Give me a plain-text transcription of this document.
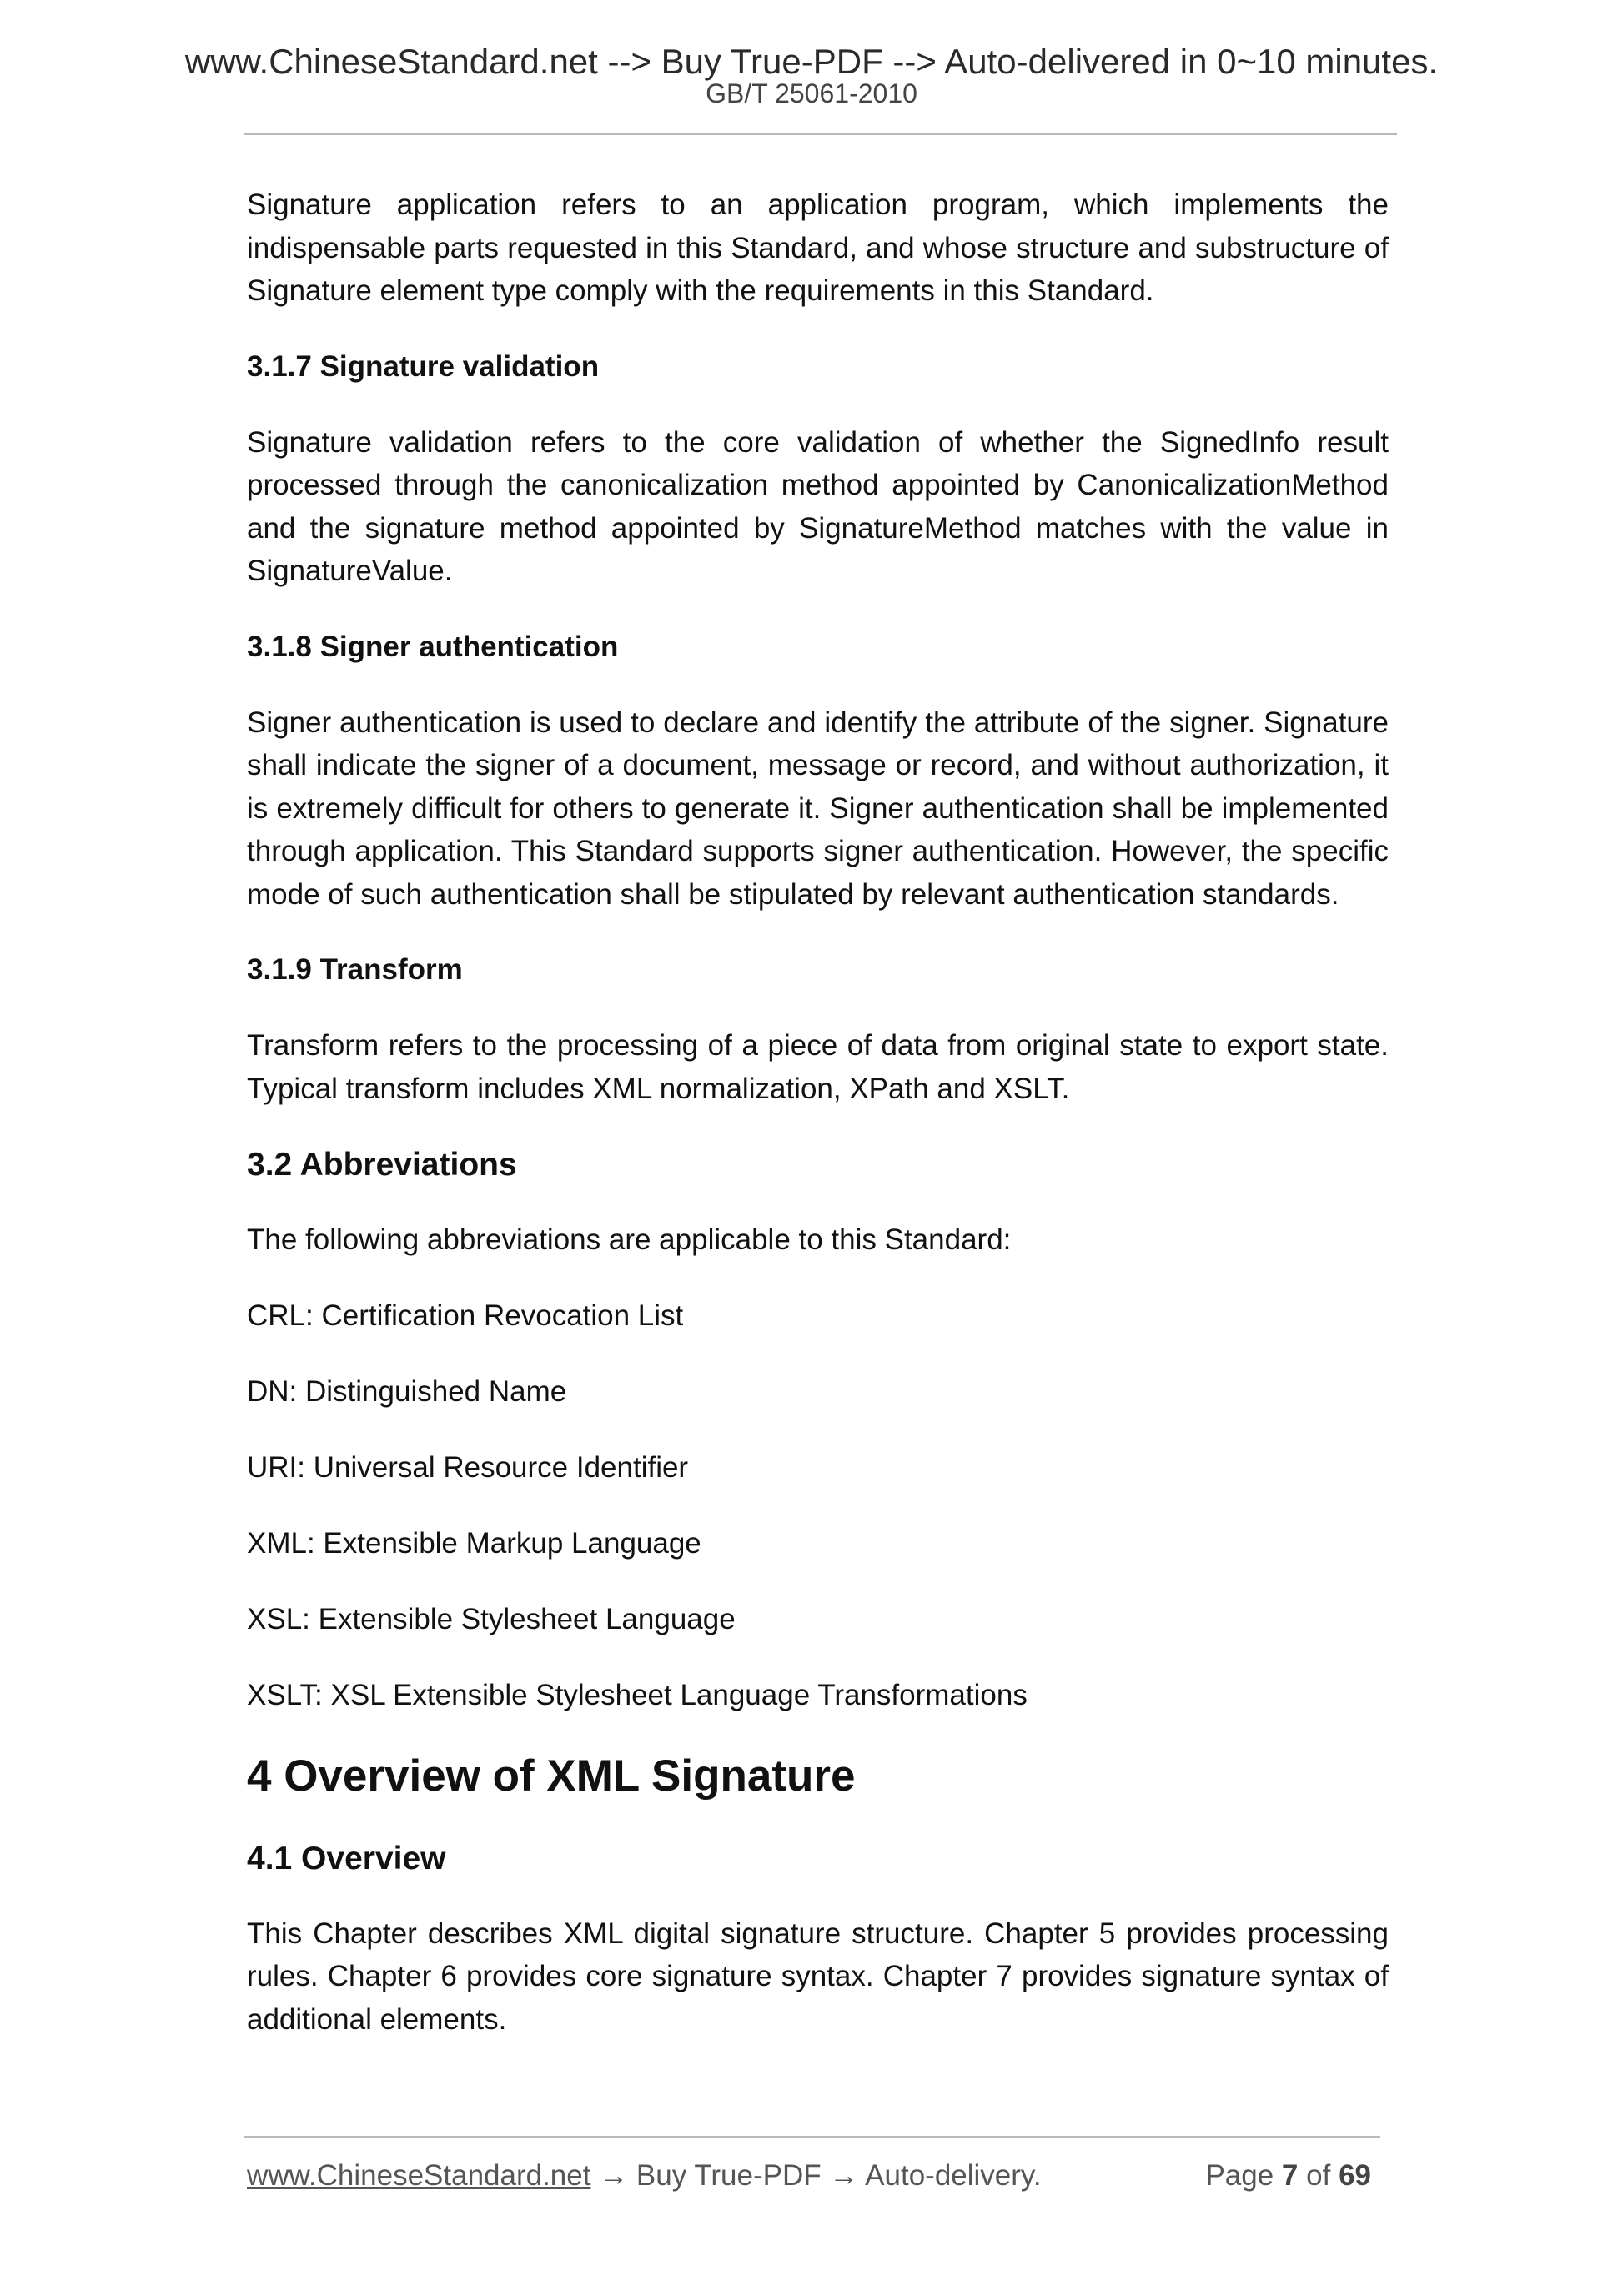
www.ChineseStandard.net --> Buy True-PDF --> Auto-delivered in 0~10 minutes.
GB/T 25061-2010

Signature application refers to an application program, which implements the indispensable parts requested in this Standard, and whose structure and substructure of Signature element type comply with the requirements in this Standard.

3.1.7 Signature validation

Signature validation refers to the core validation of whether the SignedInfo result processed through the canonicalization method appointed by CanonicalizationMethod and the signature method appointed by SignatureMethod matches with the value in SignatureValue.

3.1.8 Signer authentication

Signer authentication is used to declare and identify the attribute of the signer. Signature shall indicate the signer of a document, message or record, and without authorization, it is extremely difficult for others to generate it. Signer authentication shall be implemented through application. This Standard supports signer authentication. However, the specific mode of such authentication shall be stipulated by relevant authentication standards.

3.1.9 Transform

Transform refers to the processing of a piece of data from original state to export state. Typical transform includes XML normalization, XPath and XSLT.

3.2 Abbreviations

The following abbreviations are applicable to this Standard:

CRL: Certification Revocation List
DN: Distinguished Name
URI: Universal Resource Identifier
XML: Extensible Markup Language
XSL: Extensible Stylesheet Language
XSLT: XSL Extensible Stylesheet Language Transformations
4 Overview of XML Signature
4.1 Overview

This Chapter describes XML digital signature structure. Chapter 5 provides processing rules. Chapter 6 provides core signature syntax. Chapter 7 provides signature syntax of additional elements.

www.ChineseStandard.net → Buy True-PDF → Auto-delivery.	Page 7 of 69
